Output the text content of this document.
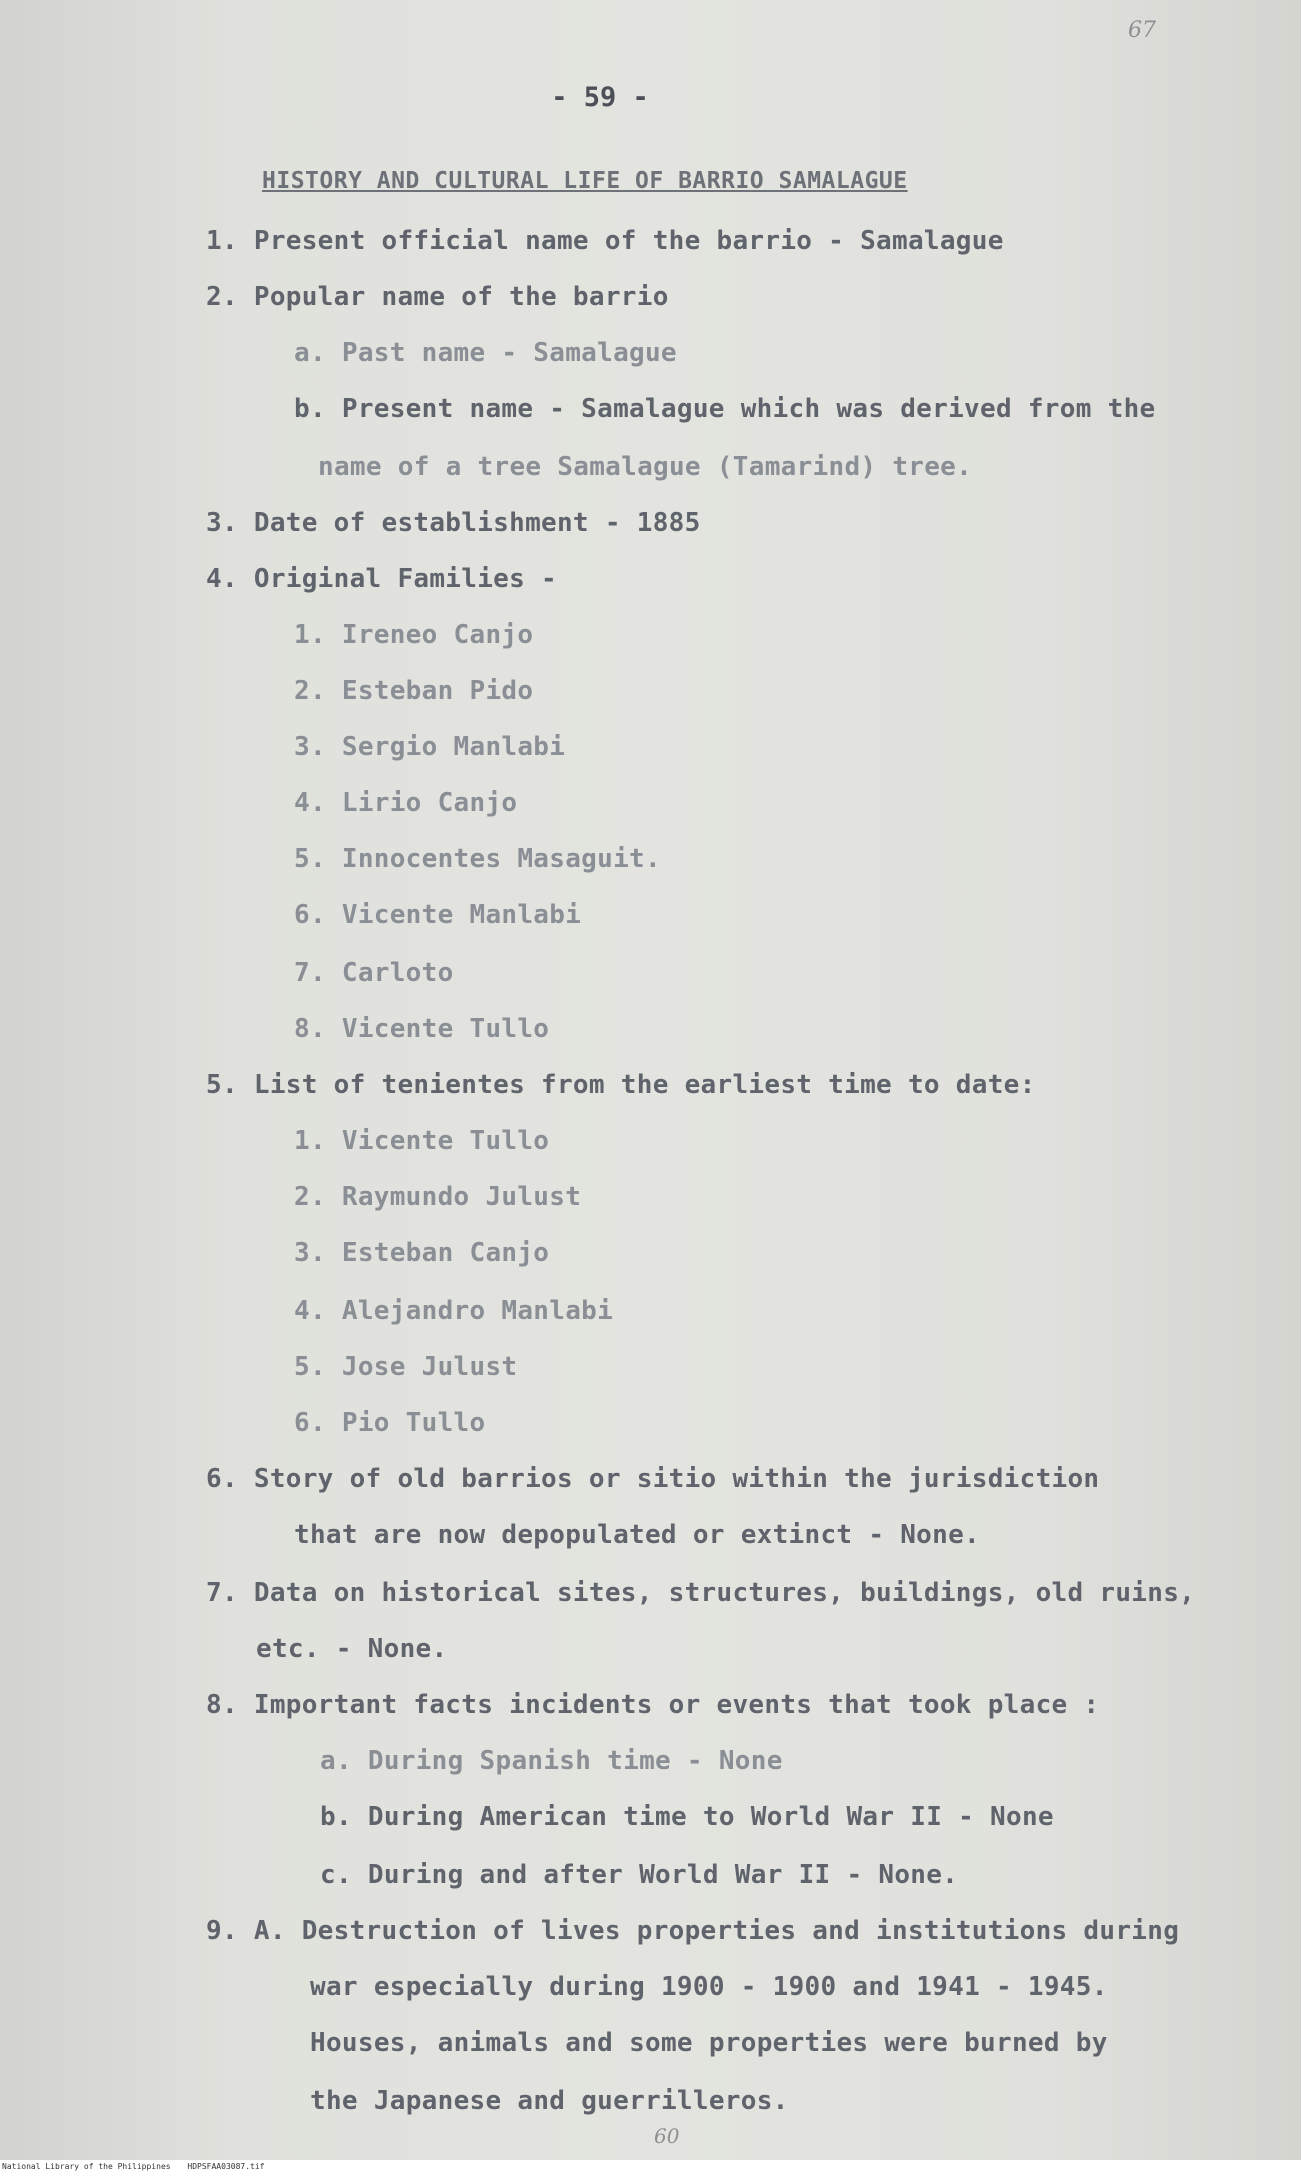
67
- 59 -
HISTORY AND CULTURAL LIFE OF BARRIO SAMALAGUE
1. Present official name of the barrio - Samalague
2. Popular name of the barrio
a. Past name - Samalague
b. Present name - Samalague which was derived from the
name of a tree Samalague (Tamarind) tree.
3. Date of establishment - 1885
4. Original Families -
1. Ireneo Canjo
2. Esteban Pido
3. Sergio Manlabi
4. Lirio Canjo
5. Innocentes Masaguit.
6. Vicente Manlabi
7. Carloto
8. Vicente Tullo
5. List of tenientes from the earliest time to date:
1. Vicente Tullo
2. Raymundo Julust
3. Esteban Canjo
4. Alejandro Manlabi
5. Jose Julust
6. Pio Tullo
6. Story of old barrios or sitio within the jurisdiction
that are now depopulated or extinct - None.
7. Data on historical sites, structures, buildings, old ruins,
etc. - None.
8. Important facts incidents or events that took place :
a. During Spanish time - None
b. During American time to World War II - None
c. During and after World War II - None.
9. A. Destruction of lives properties and institutions during
war especially during 1900 - 1900 and 1941 - 1945.
Houses, animals and some properties were burned by
the Japanese and guerrilleros.
60
National Library of the Philippines HDPSFAA03087.tif
